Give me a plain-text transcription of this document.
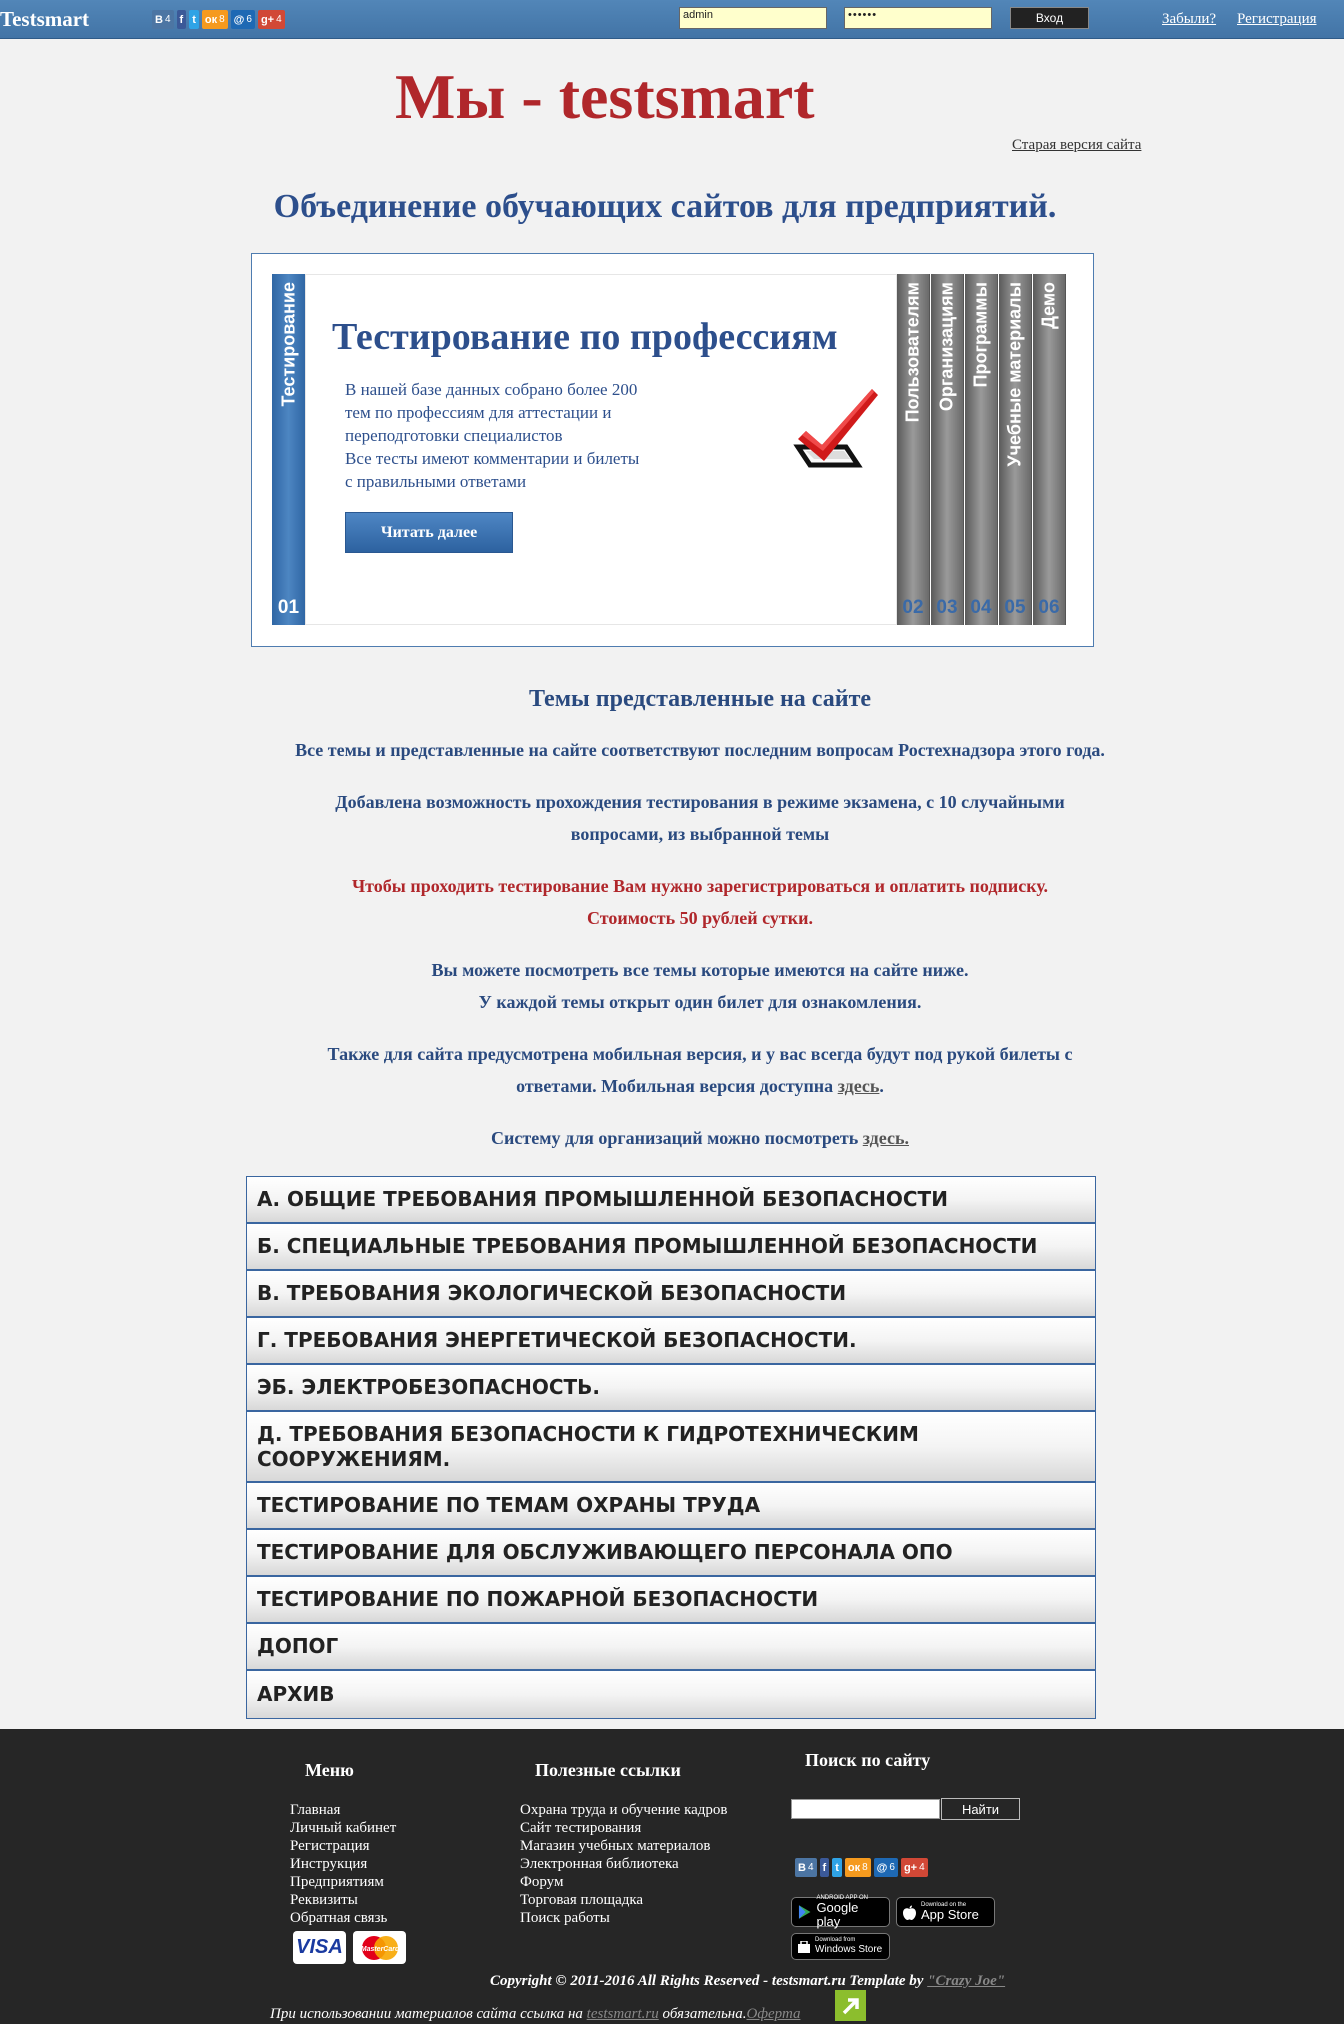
Testsmart	В 4 f t ок 8 @ 6 g+ 4	admin	••••••	Вход	Забыли? Регистрация
Мы - testsmart
Старая версия сайта
Объединение обучающих сайтов для предприятий.
Тестирование
01
Тестирование по профессиям
В нашей базе данных собрано более 200
тем по профессиям для аттестации и
переподготовки специалистов
Все тесты имеют комментарии и билеты
с правильными ответами
Читать далее
Пользователям
02
Организациям
03
Программы
04
Учебные материалы
05
Демо
06
Темы представленные на сайте
Все темы и представленные на сайте соответствуют последним вопросам Ростехнадзора этого года.
Добавлена возможность прохождения тестирования в режиме экзамена, с 10 случайными
вопросами, из выбранной темы
Чтобы проходить тестирование Вам нужно зарегистрироваться и оплатить подписку.
Стоимость 50 рублей сутки.
Вы можете посмотреть все темы которые имеются на сайте ниже.
У каждой темы открыт один билет для ознакомления.
Также для сайта предусмотрена мобильная версия, и у вас всегда будут под рукой билеты с
ответами. Мобильная версия доступна здесь.
Систему для организаций можно посмотреть здесь.
А. ОБЩИЕ ТРЕБОВАНИЯ ПРОМЫШЛЕННОЙ БЕЗОПАСНОСТИ
Б. СПЕЦИАЛЬНЫЕ ТРЕБОВАНИЯ ПРОМЫШЛЕННОЙ БЕЗОПАСНОСТИ
В. ТРЕБОВАНИЯ ЭКОЛОГИЧЕСКОЙ БЕЗОПАСНОСТИ
Г. ТРЕБОВАНИЯ ЭНЕРГЕТИЧЕСКОЙ БЕЗОПАСНОСТИ.
ЭБ. ЭЛЕКТРОБЕЗОПАСНОСТЬ.
Д. ТРЕБОВАНИЯ БЕЗОПАСНОСТИ К ГИДРОТЕХНИЧЕСКИМ СООРУЖЕНИЯМ.
ТЕСТИРОВАНИЕ ПО ТЕМАМ ОХРАНЫ ТРУДА
ТЕСТИРОВАНИЕ ДЛЯ ОБСЛУЖИВАЮЩЕГО ПЕРСОНАЛА ОПО
ТЕСТИРОВАНИЕ ПО ПОЖАРНОЙ БЕЗОПАСНОСТИ
ДОПОГ
АРХИВ
Меню
Главная
Личный кабинет
Регистрация
Инструкция
Предприятиям
Реквизиты
Обратная связь
Полезные ссылки
Охрана труда и обучение кадров
Сайт тестирования
Магазин учебных материалов
Электронная библиотека
Форум
Торговая площадка
Поиск работы
Поиск по сайту
Найти
В 4 f t ок 8 @ 6 g+ 4
ANDROID APP ON
Google play
Download on the
App Store
Download from
Windows Store
VISA	MasterCard
Copyright © 2011-2016 All Rights Reserved - testsmart.ru Template by "Crazy Joe"
При использовании материалов сайта ссылка на testsmart.ru обязательна.Оферта
